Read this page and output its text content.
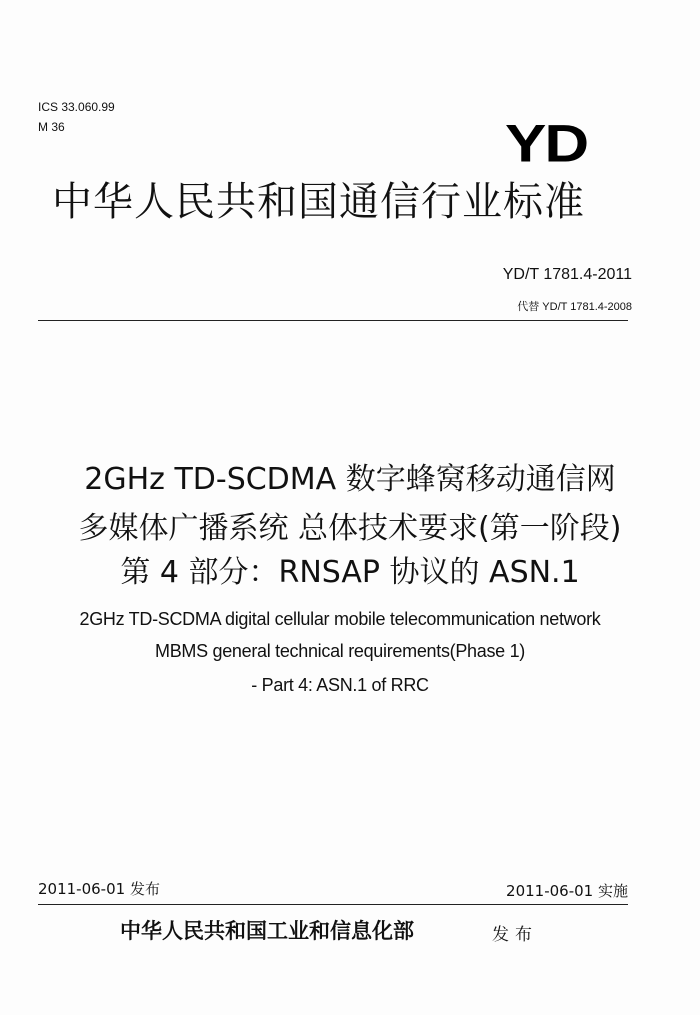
ICS 33.060.99
M 36	YD
中华人民共和国通信行业标准
YD/T 1781.4-2011
代替 YD/T 1781.4-2008
2GHz TD-SCDMA 数字蜂窝移动通信网
多媒体广播系统 总体技术要求(第一阶段)
第 4 部分：RNSAP 协议的 ASN.1
2GHz TD-SCDMA digital cellular mobile telecommunication network
MBMS general technical requirements(Phase 1)
- Part 4: ASN.1 of RRC
2011-06-01 发布	2011-06-01 实施
中华人民共和国工业和信息化部	发布
